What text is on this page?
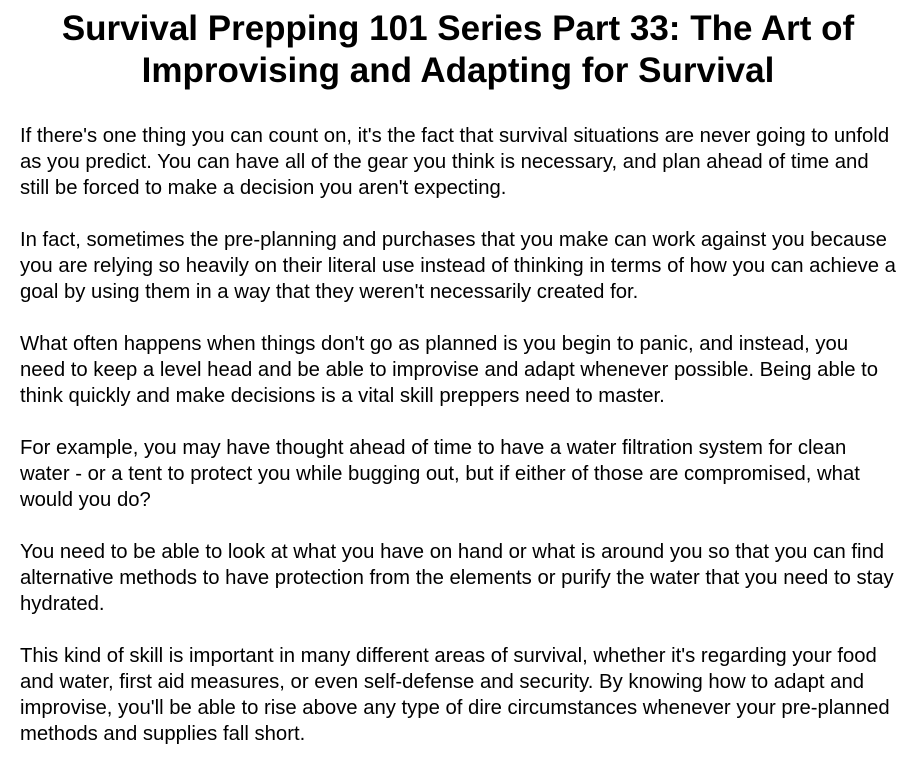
Survival Prepping 101 Series Part 33: The Art of Improvising and Adapting for Survival

If there's one thing you can count on, it's the fact that survival situations are never going to unfold as you predict. You can have all of the gear you think is necessary, and plan ahead of time and still be forced to make a decision you aren't expecting.

In fact, sometimes the pre-planning and purchases that you make can work against you because you are relying so heavily on their literal use instead of thinking in terms of how you can achieve a goal by using them in a way that they weren't necessarily created for.

What often happens when things don't go as planned is you begin to panic, and instead, you need to keep a level head and be able to improvise and adapt whenever possible. Being able to think quickly and make decisions is a vital skill preppers need to master.

For example, you may have thought ahead of time to have a water filtration system for clean water - or a tent to protect you while bugging out, but if either of those are compromised, what would you do?

You need to be able to look at what you have on hand or what is around you so that you can find alternative methods to have protection from the elements or purify the water that you need to stay hydrated.

This kind of skill is important in many different areas of survival, whether it's regarding your food and water, first aid measures, or even self-defense and security. By knowing how to adapt and improvise, you'll be able to rise above any type of dire circumstances whenever your pre-planned methods and supplies fall short.
